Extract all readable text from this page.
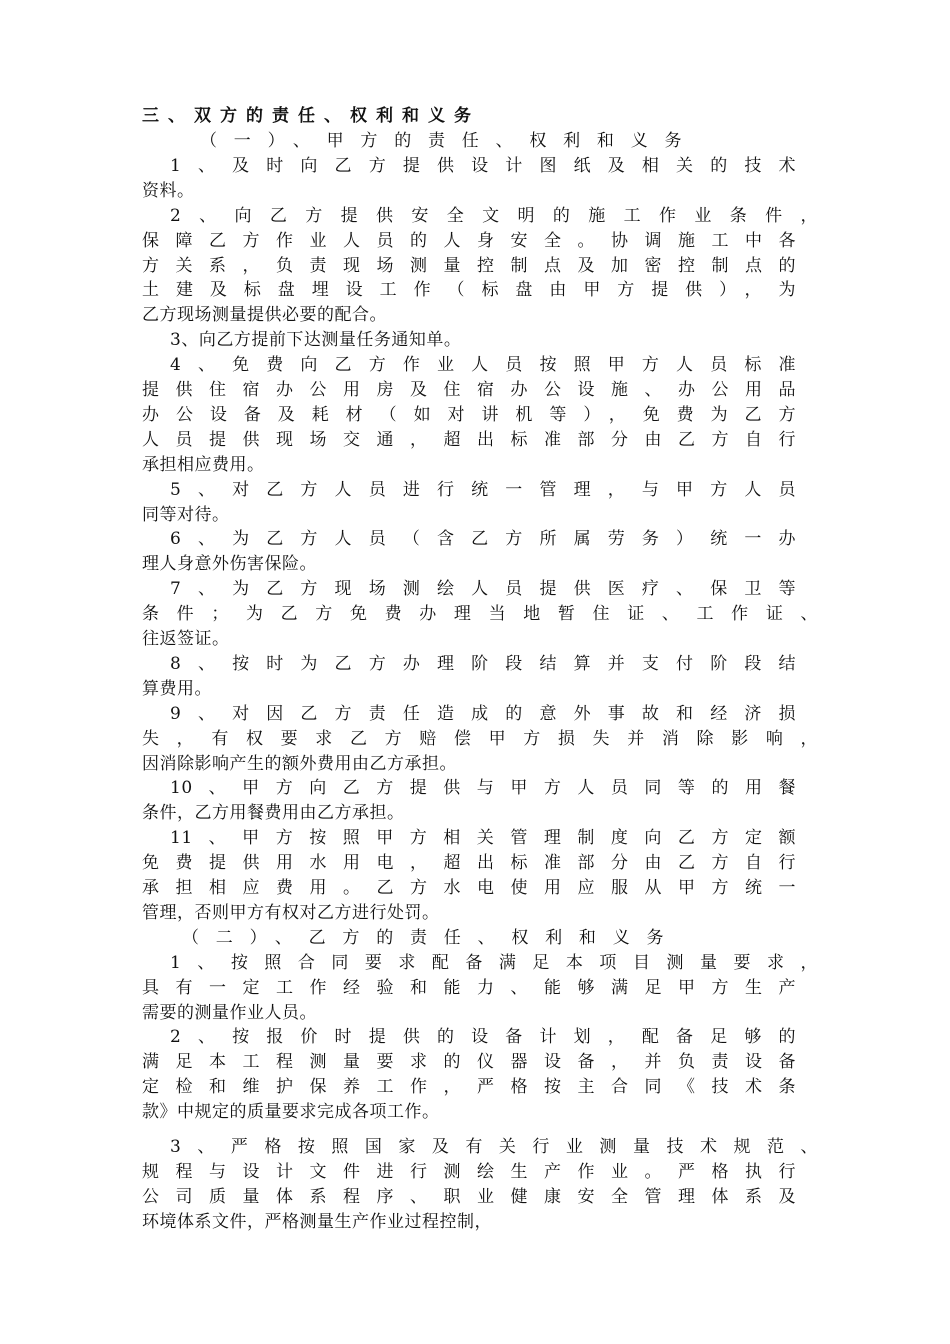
三、双方的责任、权利和义务
（一）、甲方的责任、权利和义务
1、及时向乙方提供设计图纸及相关的技术
资料。
2、向乙方提供安全文明的施工作业条件，
保障乙方作业人员的人身安全。协调施工中各
方关系，负责现场测量控制点及加密控制点的
土建及标盘埋设工作（标盘由甲方提供），为
乙方现场测量提供必要的配合。
3、向乙方提前下达测量任务通知单。
4、免费向乙方作业人员按照甲方人员标准
提供住宿办公用房及住宿办公设施、办公用品
办公设备及耗材（如对讲机等），免费为乙方
人员提供现场交通，超出标准部分由乙方自行
承担相应费用。
5、对乙方人员进行统一管理，与甲方人员
同等对待。
6、为乙方人员（含乙方所属劳务）统一办
理人身意外伤害保险。
7、为乙方现场测绘人员提供医疗、保卫等
条件；为乙方免费办理当地暂住证、工作证、
往返签证。
8、按时为乙方办理阶段结算并支付阶段结
算费用。
9、对因乙方责任造成的意外事故和经济损
失，有权要求乙方赔偿甲方损失并消除影响，
因消除影响产生的额外费用由乙方承担。
10、甲方向乙方提供与甲方人员同等的用餐
条件，乙方用餐费用由乙方承担。
11、甲方按照甲方相关管理制度向乙方定额
免费提供用水用电，超出标准部分由乙方自行
承担相应费用。乙方水电使用应服从甲方统一
管理，否则甲方有权对乙方进行处罚。
（二）、乙方的责任、权利和义务
1、按照合同要求配备满足本项目测量要求，
具有一定工作经验和能力、能够满足甲方生产
需要的测量作业人员。
2、按报价时提供的设备计划，配备足够的
满足本工程测量要求的仪器设备，并负责设备
定检和维护保养工作，严格按主合同《技术条
款》中规定的质量要求完成各项工作。
3、严格按照国家及有关行业测量技术规范、
规程与设计文件进行测绘生产作业。严格执行
公司质量体系程序、职业健康安全管理体系及
环境体系文件，严格测量生产作业过程控制，
